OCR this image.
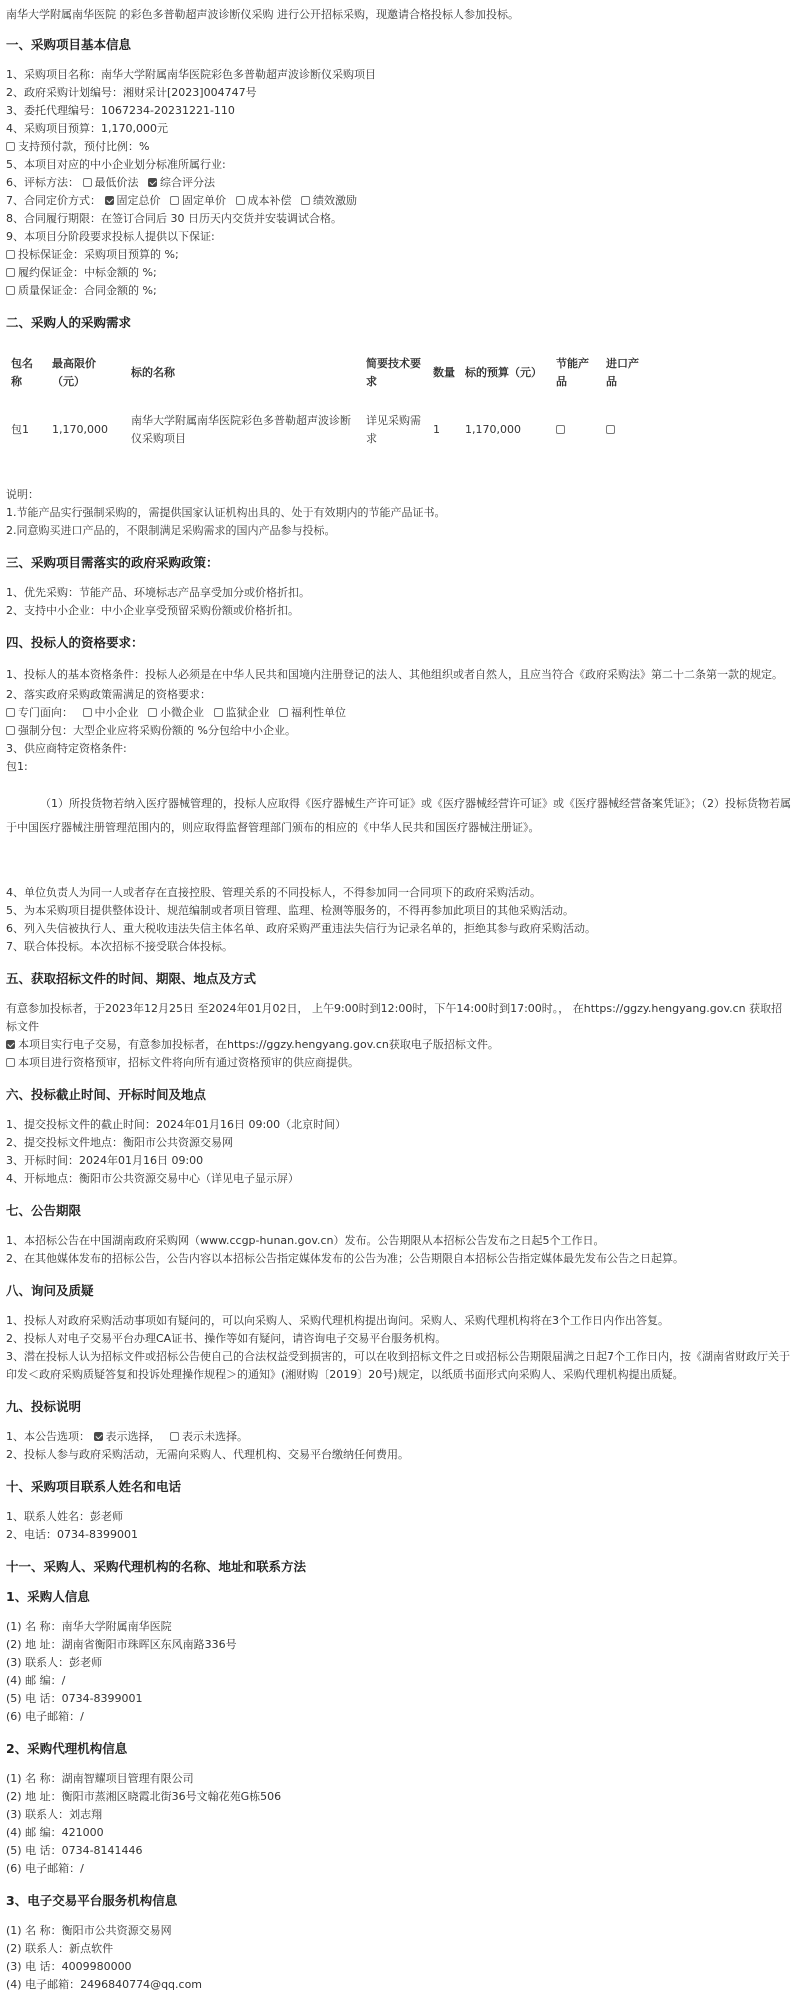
南华大学附属南华医院 的彩色多普勒超声波诊断仪采购 进行公开招标采购，现邀请合格投标人参加投标。

一、采购项目基本信息
1、采购项目名称：南华大学附属南华医院彩色多普勒超声波诊断仪采购项目
2、政府采购计划编号：湘财采计[2023]004747号
3、委托代理编号：1067234-20231221-110
4、采购项目预算：1,170,000元
支持预付款，预付比例：%
5、本项目对应的中小企业划分标准所属行业:
6、评标方法： 最低价法 综合评分法
7、合同定价方式： 固定总价 固定单价 成本补偿 绩效激励
8、合同履行期限：在签订合同后 30 日历天内交货并安装调试合格。
9、本项目分阶段要求投标人提供以下保证:
投标保证金：采购项目预算的 %;
履约保证金：中标金额的 %;
质量保证金：合同金额的 %;
二、采购人的采购需求
包名称	最高限价（元）	标的名称	简要技术要求	数量	标的预算（元）	节能产品	进口产品
包1	1,170,000	南华大学附属南华医院彩色多普勒超声波诊断仪采购项目	详见采购需求	1	1,170,000		
说明：
1.节能产品实行强制采购的，需提供国家认证机构出具的、处于有效期内的节能产品证书。
2.同意购买进口产品的，不限制满足采购需求的国内产品参与投标。
三、采购项目需落实的政府采购政策：
1、优先采购：节能产品、环境标志产品享受加分或价格折扣。
2、支持中小企业：中小企业享受预留采购份额或价格折扣。
四、投标人的资格要求：
1、投标人的基本资格条件：投标人必须是在中华人民共和国境内注册登记的法人、其他组织或者自然人，且应当符合《政府采购法》第二十二条第一款的规定。
2、落实政府采购政策需满足的资格要求：
专门面向： 中小企业 小微企业 监狱企业 福利性单位
强制分包：大型企业应将采购份额的 %分包给中小企业。
3、供应商特定资格条件:
包1:
（1）所投货物若纳入医疗器械管理的，投标人应取得《医疗器械生产许可证》或《医疗器械经营许可证》或《医疗器械经营备案凭证》；（2）投标货物若属于中国医疗器械注册管理范围内的，则应取得监督管理部门颁布的相应的《中华人民共和国医疗器械注册证》。
4、单位负责人为同一人或者存在直接控股、管理关系的不同投标人，不得参加同一合同项下的政府采购活动。
5、为本采购项目提供整体设计、规范编制或者项目管理、监理、检测等服务的，不得再参加此项目的其他采购活动。
6、列入失信被执行人、重大税收违法失信主体名单、政府采购严重违法失信行为记录名单的，拒绝其参与政府采购活动。
7、联合体投标。本次招标不接受联合体投标。
五、获取招标文件的时间、期限、地点及方式
有意参加投标者，于2023年12月25日 至2024年01月02日， 上午9:00时到12:00时，下午14:00时到17:00时。， 在https://ggzy.hengyang.gov.cn 获取招标文件
本项目实行电子交易，有意参加投标者，在https://ggzy.hengyang.gov.cn获取电子版招标文件。
本项目进行资格预审，招标文件将向所有通过资格预审的供应商提供。
六、投标截止时间、开标时间及地点
1、提交投标文件的截止时间：2024年01月16日 09:00（北京时间）
2、提交投标文件地点：衡阳市公共资源交易网
3、开标时间：2024年01月16日 09:00
4、开标地点：衡阳市公共资源交易中心（详见电子显示屏）
七、公告期限
1、本招标公告在中国湖南政府采购网（www.ccgp-hunan.gov.cn）发布。公告期限从本招标公告发布之日起5个工作日。
2、在其他媒体发布的招标公告，公告内容以本招标公告指定媒体发布的公告为准；公告期限自本招标公告指定媒体最先发布公告之日起算。
八、询问及质疑
1、投标人对政府采购活动事项如有疑问的，可以向采购人、采购代理机构提出询问。采购人、采购代理机构将在3个工作日内作出答复。
2、投标人对电子交易平台办理CA证书、操作等如有疑问，请咨询电子交易平台服务机构。
3、潜在投标人认为招标文件或招标公告使自己的合法权益受到损害的，可以在收到招标文件之日或招标公告期限届满之日起7个工作日内，按《湖南省财政厅关于印发＜政府采购质疑答复和投诉处理操作规程＞的通知》(湘财购〔2019〕20号)规定，以纸质书面形式向采购人、采购代理机构提出质疑。
九、投标说明
1、本公告选项： 表示选择， 表示未选择。
2、投标人参与政府采购活动，无需向采购人、代理机构、交易平台缴纳任何费用。
十、采购项目联系人姓名和电话
1、联系人姓名：彭老师
2、电话：0734-8399001
十一、采购人、采购代理机构的名称、地址和联系方法
1、采购人信息
(1) 名 称：南华大学附属南华医院
(2) 地 址：湖南省衡阳市珠晖区东风南路336号
(3) 联系人：彭老师
(4) 邮 编：/
(5) 电 话：0734-8399001
(6) 电子邮箱：/
2、采购代理机构信息
(1) 名 称：湖南智耀项目管理有限公司
(2) 地 址：衡阳市蒸湘区晓霞北街36号文翰花苑G栋506
(3) 联系人：刘志翔
(4) 邮 编：421000
(5) 电 话：0734-8141446
(6) 电子邮箱：/
3、电子交易平台服务机构信息
(1) 名 称：衡阳市公共资源交易网
(2) 联系人：新点软件
(3) 电 话：4009980000
(4) 电子邮箱：2496840774@qq.com
